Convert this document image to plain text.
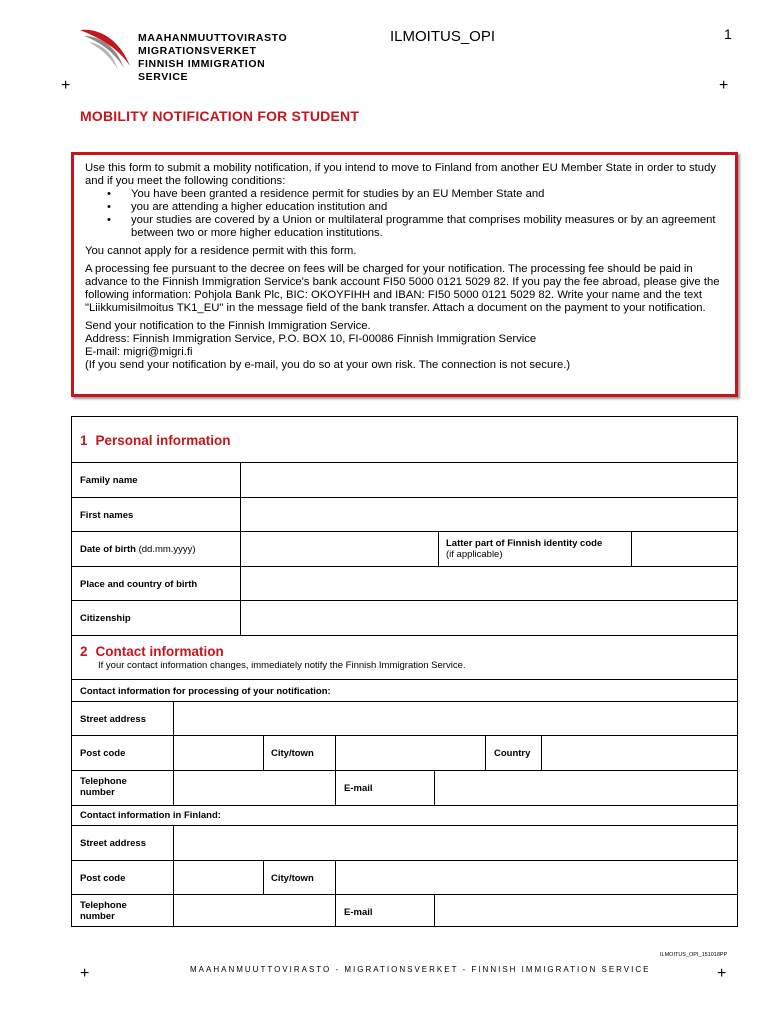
MAAHANMUUTTOVIRASTO
MIGRATIONSVERKET
FINNISH IMMIGRATION SERVICE
ILMOITUS_OPI	1
+	+
MOBILITY NOTIFICATION FOR STUDENT

Use this form to submit a mobility notification, if you intend to move to Finland from another EU Member State in order to study and if you meet the following conditions:

• You have been granted a residence permit for studies by an EU Member State and
• you are attending a higher education institution and
• your studies are covered by a Union or multilateral programme that comprises mobility measures or by an agreement between two or more higher education institutions.

You cannot apply for a residence permit with this form.

A processing fee pursuant to the decree on fees will be charged for your notification. The processing fee should be paid in advance to the Finnish Immigration Service's bank account FI50 5000 0121 5029 82. If you pay the fee abroad, please give the following information: Pohjola Bank Plc, BIC: OKOYFIHH and IBAN: FI50 5000 0121 5029 82. Write your name and the text "Liikkumisilmoitus TK1_EU" in the message field of the bank transfer. Attach a document on the payment to your notification.

Send your notification to the Finnish Immigration Service.
Address: Finnish Immigration Service, P.O. BOX 10, FI-00086 Finnish Immigration Service
E-mail: migri@migri.fi
(If you send your notification by e-mail, you do so at your own risk. The connection is not secure.)
1 Personal information
Family name
First names
Date of birth (dd.mm.yyyy)
Latter part of Finnish identity code
(if applicable)
Place and country of birth
Citizenship
2 Contact information
If your contact information changes, immediately notify the Finnish Immigration Service.
Contact information for processing of your notification:
Street address
Post code	City/town	Country
Telephone number	E-mail
Contact information in Finland:
Street address
Post code	City/town
Telephone number	E-mail
ILMOITUS_OPI_151018PP
+	MAAHANMUUTTOVIRASTO - MIGRATIONSVERKET - FINNISH IMMIGRATION SERVICE	+
